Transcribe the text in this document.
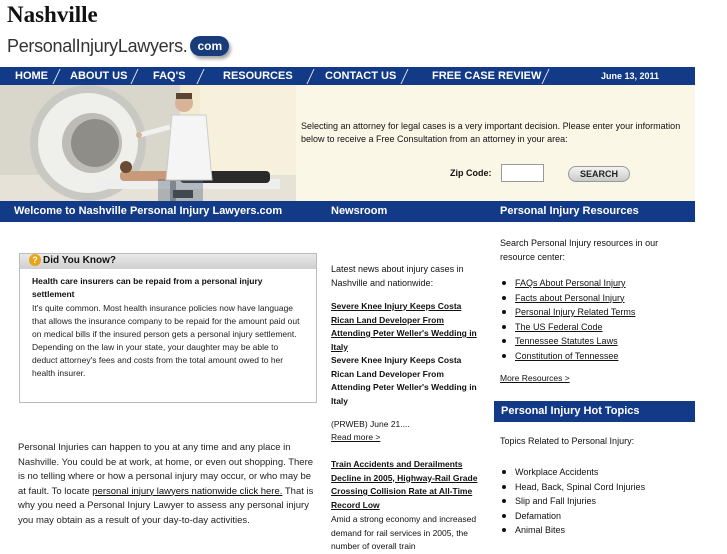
Nashville
PersonalInjuryLawyers. com
HOME ABOUT US FAQ'S	RESOURCES	CONTACT US	FREE CASE REVIEW	June 13, 2011
Selecting an attorney for legal cases is a very important decision. Please enter your information below to receive a Free Consultation from an attorney in your area:
Zip Code:	SEARCH
Welcome to Nashville Personal Injury Lawyers.com	Newsroom	Personal Injury Resources
? Did You Know?
Health care insurers can be repaid from a personal injury settlement
It's quite common. Most health insurance policies now have language that allows the insurance company to be repaid for the amount paid out on medical bills if the insured person gets a personal injury settlement. Depending on the law in your state, your daughter may be able to deduct attorney's fees and costs from the total amount owed to her health insurer.
Personal Injuries can happen to you at any time and any place in Nashville. You could be at work, at home, or even out shopping. There is no telling where or how a personal injury may occur, or who may be at fault. To locate personal injury lawyers nationwide click here. That is why you need a Personal Injury Lawyer to assess any personal injury you may obtain as a result of your day-to-day activities.
Latest news about injury cases in Nashville and nationwide:
Severe Knee Injury Keeps Costa Rican Land Developer From Attending Peter Weller's Wedding in Italy
Severe Knee Injury Keeps Costa Rican Land Developer From Attending Peter Weller's Wedding in Italy
(PRWEB) June 21....
Read more >
Train Accidents and Derailments Decline in 2005, Highway-Rail Grade Crossing Collision Rate at All-Time Record Low
Amid a strong economy and increased demand for rail services in 2005, the number of overall train
Search Personal Injury resources in our resource center:
FAQs About Personal Injury
Facts about Personal Injury
Personal Injury Related Terms
The US Federal Code
Tennessee Statutes Laws
Constitution of Tennessee
More Resources >
Personal Injury Hot Topics
Topics Related to Personal Injury:
Workplace Accidents
Head, Back, Spinal Cord Injuries
Slip and Fall Injuries
Defamation
Animal Bites
